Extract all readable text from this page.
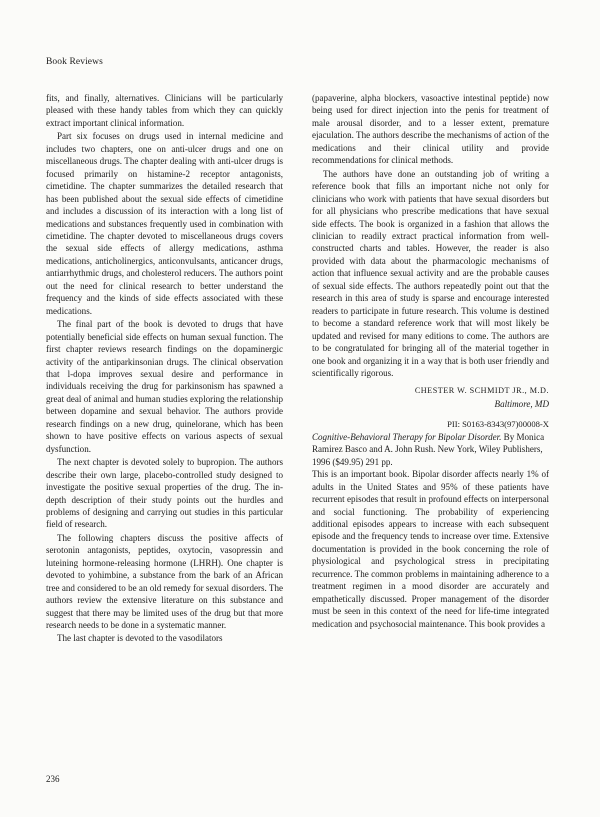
Book Reviews

fits, and finally, alternatives. Clinicians will be particularly pleased with these handy tables from which they can quickly extract important clinical information.

Part six focuses on drugs used in internal medicine and includes two chapters, one on anti-ulcer drugs and one on miscellaneous drugs. The chapter dealing with anti-ulcer drugs is focused primarily on histamine-2 receptor antagonists, cimetidine. The chapter summarizes the detailed research that has been published about the sexual side effects of cimetidine and includes a discussion of its interaction with a long list of medications and substances frequently used in combination with cimetidine. The chapter devoted to miscellaneous drugs covers the sexual side effects of allergy medications, asthma medications, anticholinergics, anticonvulsants, anticancer drugs, antiarrhythmic drugs, and cholesterol reducers. The authors point out the need for clinical research to better understand the frequency and the kinds of side effects associated with these medications.

The final part of the book is devoted to drugs that have potentially beneficial side effects on human sexual function. The first chapter reviews research findings on the dopaminergic activity of the antiparkinsonian drugs. The clinical observation that l-dopa improves sexual desire and performance in individuals receiving the drug for parkinsonism has spawned a great deal of animal and human studies exploring the relationship between dopamine and sexual behavior. The authors provide research findings on a new drug, quinelorane, which has been shown to have positive effects on various aspects of sexual dysfunction.

The next chapter is devoted solely to bupropion. The authors describe their own large, placebo-controlled study designed to investigate the positive sexual properties of the drug. The in-depth description of their study points out the hurdles and problems of designing and carrying out studies in this particular field of research.

The following chapters discuss the positive affects of serotonin antagonists, peptides, oxytocin, vasopressin and luteining hormone-releasing hormone (LHRH). One chapter is devoted to yohimbine, a substance from the bark of an African tree and considered to be an old remedy for sexual disorders. The authors review the extensive literature on this substance and suggest that there may be limited uses of the drug but that more research needs to be done in a systematic manner.

The last chapter is devoted to the vasodilators

(papaverine, alpha blockers, vasoactive intestinal peptide) now being used for direct injection into the penis for treatment of male arousal disorder, and to a lesser extent, premature ejaculation. The authors describe the mechanisms of action of the medications and their clinical utility and provide recommendations for clinical methods.

The authors have done an outstanding job of writing a reference book that fills an important niche not only for clinicians who work with patients that have sexual disorders but for all physicians who prescribe medications that have sexual side effects. The book is organized in a fashion that allows the clinician to readily extract practical information from well-constructed charts and tables. However, the reader is also provided with data about the pharmacologic mechanisms of action that influence sexual activity and are the probable causes of sexual side effects. The authors repeatedly point out that the research in this area of study is sparse and encourage interested readers to participate in future research. This volume is destined to become a standard reference work that will most likely be updated and revised for many editions to come. The authors are to be congratulated for bringing all of the material together in one book and organizing it in a way that is both user friendly and scientifically rigorous.

CHESTER W. SCHMIDT JR., M.D.
Baltimore, MD
PII: S0163-8343(97)00008-X

Cognitive-Behavioral Therapy for Bipolar Disorder. By Monica Ramirez Basco and A. John Rush. New York, Wiley Publishers, 1996 ($49.95) 291 pp.

This is an important book. Bipolar disorder affects nearly 1% of adults in the United States and 95% of these patients have recurrent episodes that result in profound effects on interpersonal and social functioning. The probability of experiencing additional episodes appears to increase with each subsequent episode and the frequency tends to increase over time. Extensive documentation is provided in the book concerning the role of physiological and psychological stress in precipitating recurrence. The common problems in maintaining adherence to a treatment regimen in a mood disorder are accurately and empathetically discussed. Proper management of the disorder must be seen in this context of the need for life-time integrated medication and psychosocial maintenance. This book provides a

236
